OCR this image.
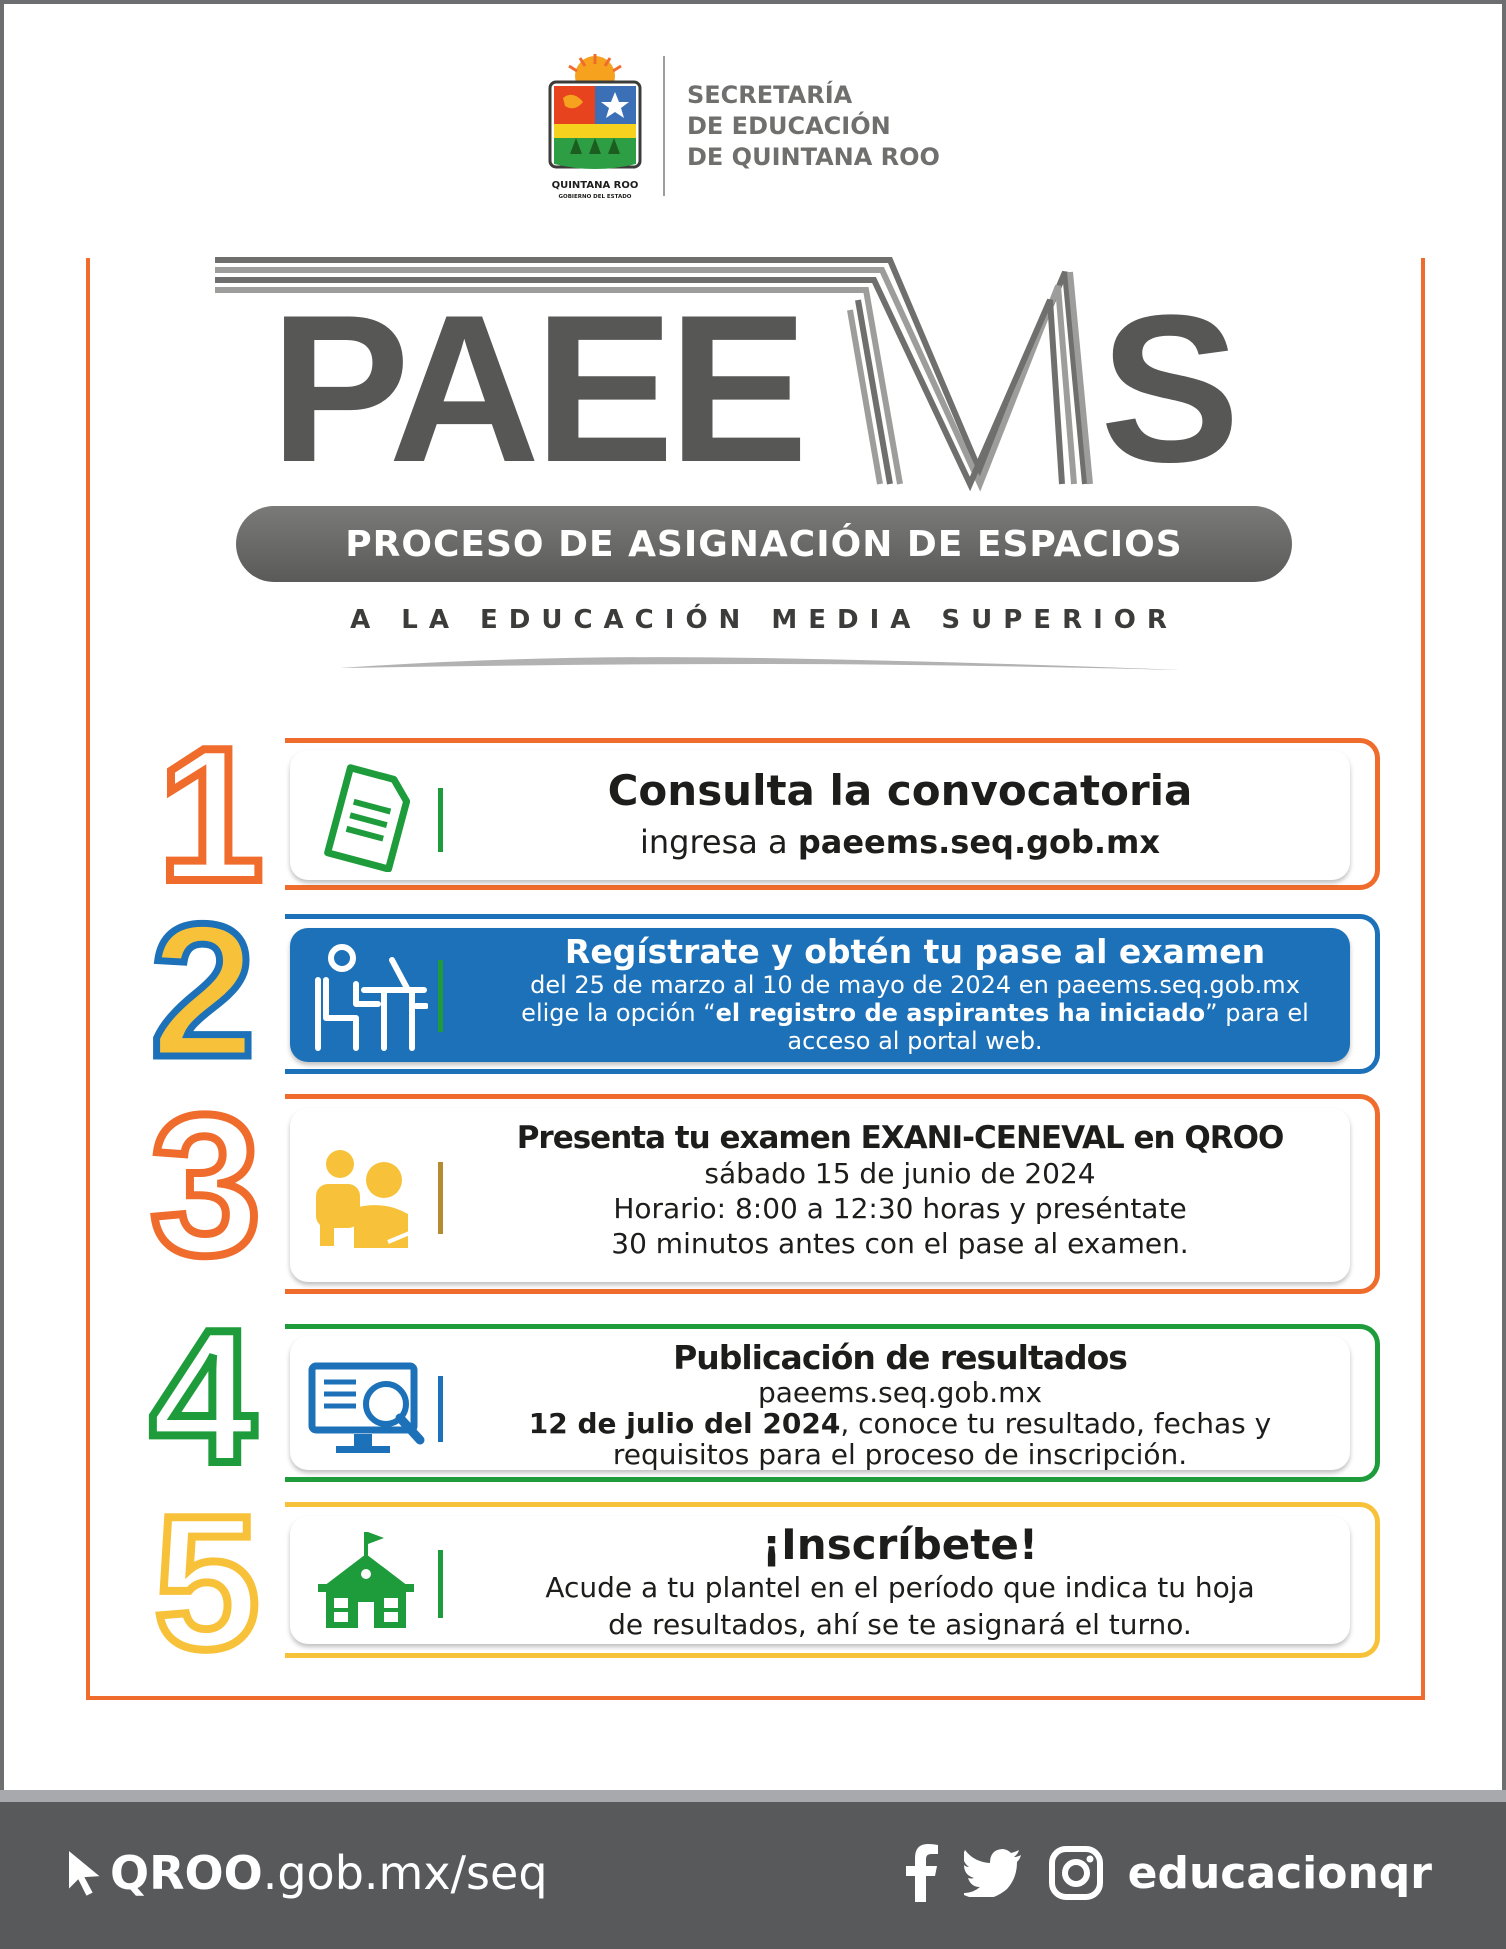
QUINTANA ROO
GOBIERNO DEL ESTADO
SECRETARÍA
DE EDUCACIÓN
DE QUINTANA ROO
PAEE S
PROCESO DE ASIGNACIÓN DE ESPACIOS
A LA EDUCACIÓN MEDIA SUPERIOR
1	Consulta la convocatoria
ingresa a paeems.seq.gob.mx
2	Regístrate y obtén tu pase al examen
del 25 de marzo al 10 de mayo de 2024 en paeems.seq.gob.mx
elige la opción “el registro de aspirantes ha iniciado” para el
acceso al portal web.
3	Presenta tu examen EXANI-CENEVAL en QROO
sábado 15 de junio de 2024
Horario: 8:00 a 12:30 horas y preséntate
30 minutos antes con el pase al examen.
4	Publicación de resultados
paeems.seq.gob.mx
12 de julio del 2024, conoce tu resultado, fechas y
requisitos para el proceso de inscripción.
5	¡Inscríbete!
Acude a tu plantel en el período que indica tu hoja
de resultados, ahí se te asignará el turno.
QROO .gob.mx/seq	educacionqr
